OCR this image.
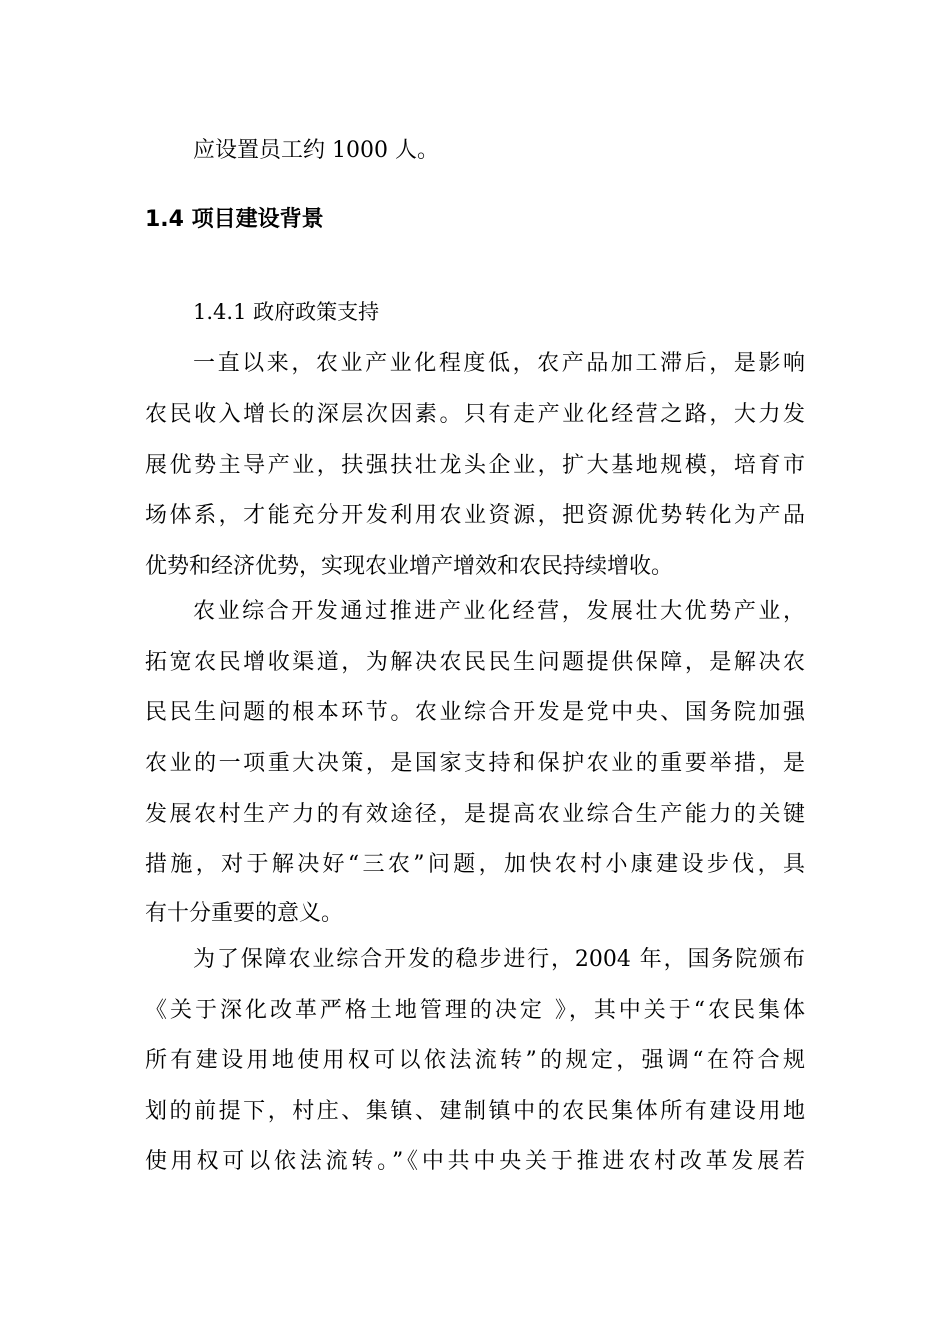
应设置员工约 1000 人。
1.4 项目建设背景
1.4.1 政府政策支持
一直以来，农业产业化程度低，农产品加工滞后，是影响
农民收入增长的深层次因素。只有走产业化经营之路，大力发
展优势主导产业，扶强扶壮龙头企业，扩大基地规模，培育市
场体系，才能充分开发利用农业资源，把资源优势转化为产品
优势和经济优势，实现农业增产增效和农民持续增收。
农业综合开发通过推进产业化经营，发展壮大优势产业，
拓宽农民增收渠道，为解决农民民生问题提供保障，是解决农
民民生问题的根本环节。农业综合开发是党中央、国务院加强
农业的一项重大决策，是国家支持和保护农业的重要举措，是
发展农村生产力的有效途径，是提高农业综合生产能力的关键
措施，对于解决好“三农”问题，加快农村小康建设步伐，具
有十分重要的意义。
为了保障农业综合开发的稳步进行，2004 年，国务院颁布
《关于深化改革严格土地管理的决定 》，其中关于“农民集体
所有建设用地使用权可以依法流转”的规定，强调“在符合规
划的前提下，村庄、集镇、建制镇中的农民集体所有建设用地
使用权可以依法流转。”《中共中央关于推进农村改革发展若
